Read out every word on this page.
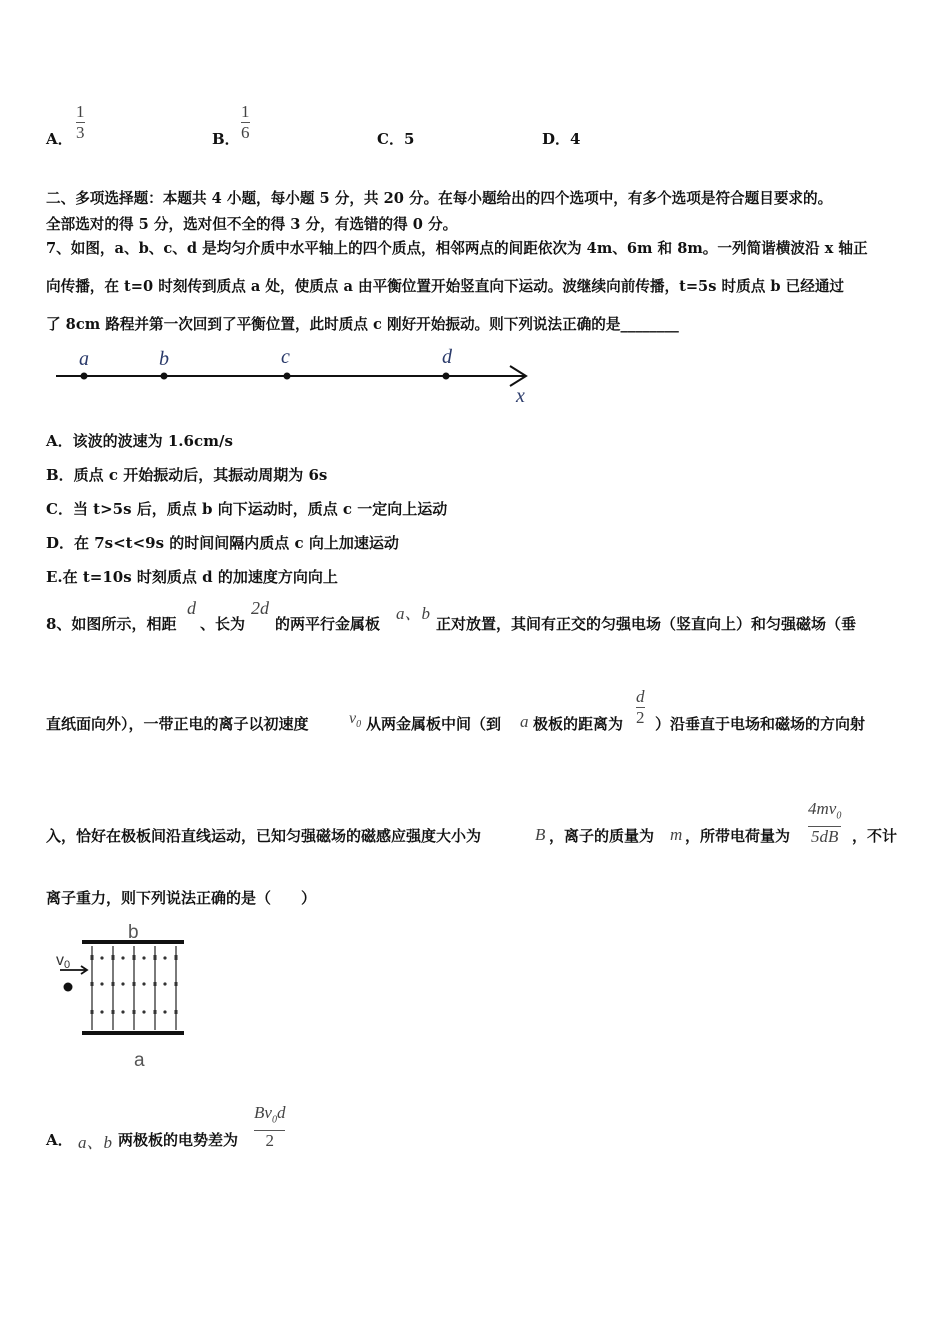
A．
1
3	B．
1
6	C．5	D．4
二、多项选择题：本题共 4 小题，每小题 5 分，共 20 分。在每小题给出的四个选项中，有多个选项是符合题目要求的。
全部选对的得 5 分，选对但不全的得 3 分，有选错的得 0 分。
7、如图，a、b、c、d 是均匀介质中水平轴上的四个质点，相邻两点的间距依次为 4m、6m 和 8m。一列简谐横波沿 x 轴正
向传播，在 t=0 时刻传到质点 a 处，使质点 a 由平衡位置开始竖直向下运动。波继续向前传播，t=5s 时质点 b 已经通过
了 8cm 路程并第一次回到了平衡位置，此时质点 c 刚好开始振动。则下列说法正确的是________
a	b	c	d
x
A．该波的波速为 1.6cm/s
B．质点 c 开始振动后，其振动周期为 6s
C．当 t>5s 后，质点 b 向下运动时，质点 c 一定向上运动
D．在 7s<t<9s 的时间间隔内质点 c 向上加速运动
E.在 t=10s 时刻质点 d 的加速度方向向上
8、如图所示，相距
d
、长为
2d
的两平行金属板
a、b
正对放置，其间有正交的匀强电场（竖直向上）和匀强磁场（垂
直纸面向外），一带正电的离子以初速度	$v_0$ 从两金属板中间（到 a 极板的距离为
d
2 ）沿垂直于电场和磁场的方向射
入，恰好在极板间沿直线运动，已知匀强磁场的磁感应强度大小为	B ，离子的质量为 m ，所带电荷量为
$4mv_0$
5dB ，不计
离子重力，则下列说法正确的是（　　）
b
v0
a
A． a、b 两极板的电势差为
$Bv_0d$
2
